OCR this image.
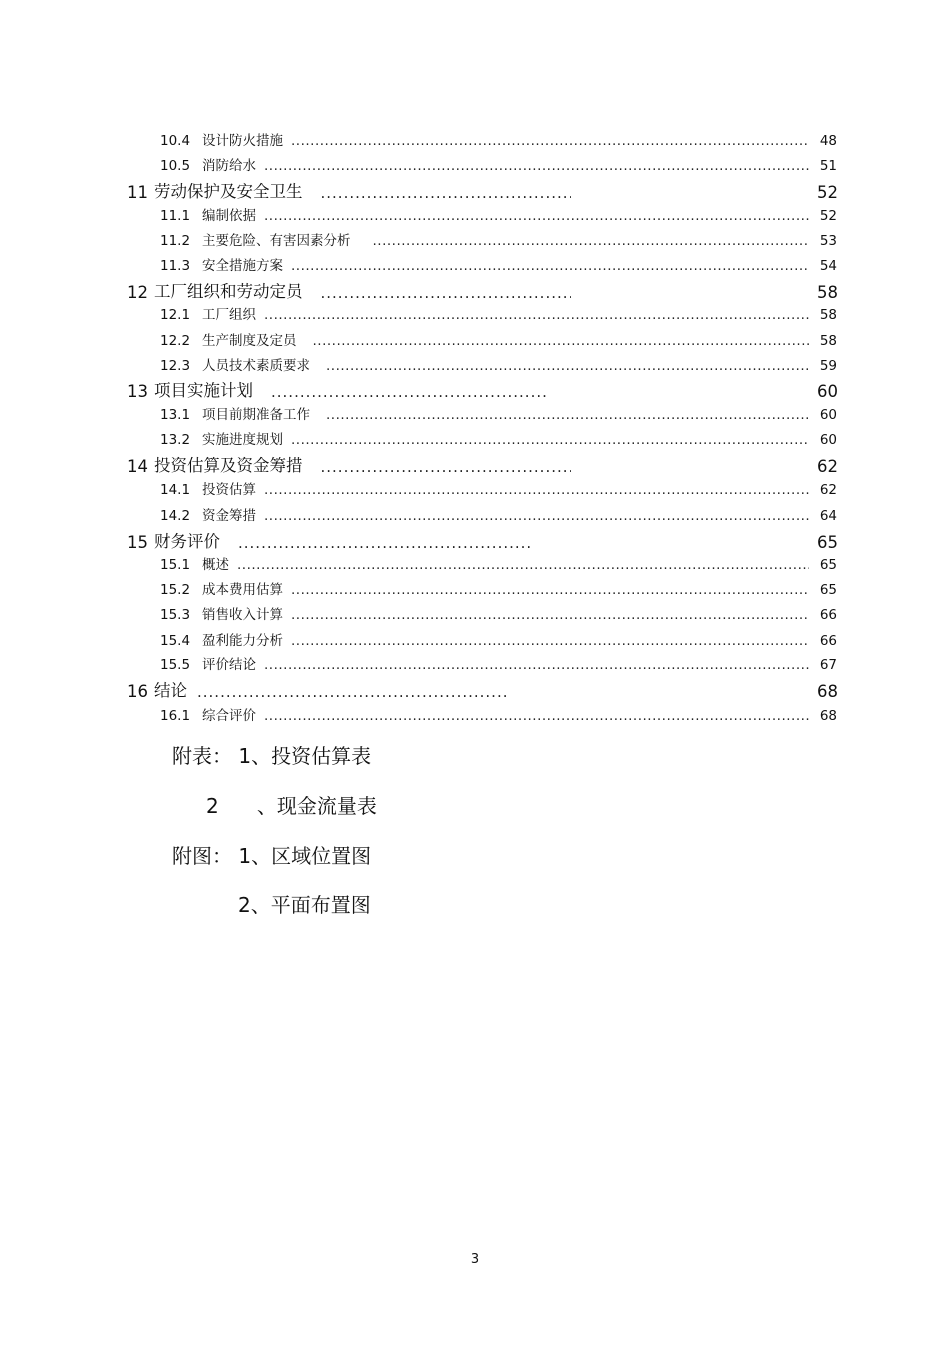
10.4 设计防火措施 .....	48
10.5 消防给水 .....	51
11 劳动保护及安全卫生 .....	52
11.1 编制依据 .....	52
11.2 主要危险、有害因素分析 .....	53
11.3 安全措施方案 .....	54
12 工厂组织和劳动定员 .....	58
12.1 工厂组织 .....	58
12.2 生产制度及定员 .....	58
12.3 人员技术素质要求 .....	59
13 项目实施计划 .....	60
13.1 项目前期准备工作 .....	60
13.2 实施进度规划 .....	60
14 投资估算及资金筹措 .....	62
14.1 投资估算 .....	62
14.2 资金筹措 .....	64
15 财务评价 .....	65
15.1 概述 .....	65
15.2 成本费用估算 .....	65
15.3 销售收入计算 .....	66
15.4 盈利能力分析 .....	66
15.5 评价结论 .....	67
16 结论 .....	68
16.1 综合评价 .....	68
附表： 1、投资估算表
2      、现金流量表
附图： 1、区域位置图
2、平面布置图
3
